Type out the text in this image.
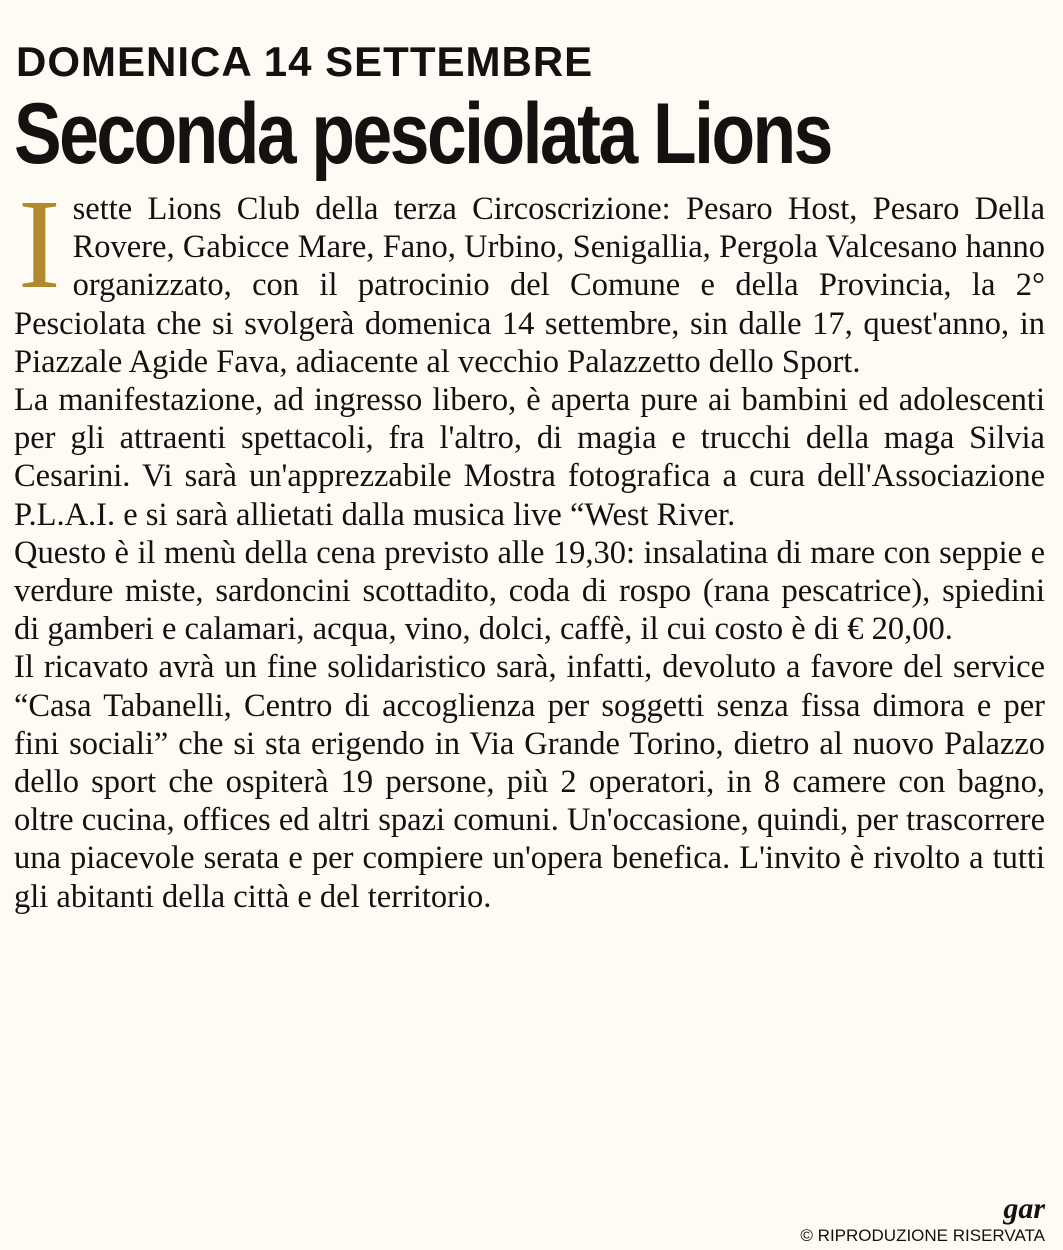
DOMENICA 14 SETTEMBRE
Seconda pesciolata Lions

Isette Lions Club della terza Circoscrizione: Pesaro Host, Pesaro Della Rovere, Gabicce Mare, Fano, Urbino, Senigallia, Pergola Valcesano hanno organizzato, con il patrocinio del Comune e della Provincia, la 2° Pesciolata che si svolgerà domenica 14 settembre, sin dalle 17, quest'anno, in Piazzale Agide Fava, adiacente al vecchio Palazzetto dello Sport.

La manifestazione, ad ingresso libero, è aperta pure ai bambini ed adolescenti per gli attraenti spettacoli, fra l'altro, di magia e trucchi della maga Silvia Cesarini. Vi sarà un'apprezzabile Mostra fotografica a cura dell'Associazione P.L.A.I. e si sarà allietati dalla musica live “West River.

Questo è il menù della cena previsto alle 19,30: insalatina di mare con seppie e verdure miste, sardoncini scottadito, coda di rospo (rana pescatrice), spiedini di gamberi e calamari, acqua, vino, dolci, caffè, il cui costo è di € 20,00.

Il ricavato avrà un fine solidaristico sarà, infatti, devoluto a favore del service “Casa Tabanelli, Centro di accoglienza per soggetti senza fissa dimora e per fini sociali” che si sta erigendo in Via Grande Torino, dietro al nuovo Palazzo dello sport che ospiterà 19 persone, più 2 operatori, in 8 camere con bagno, oltre cucina, offices ed altri spazi comuni. Un'occasione, quindi, per trascorrere una piacevole serata e per compiere un'opera benefica. L'invito è rivolto a tutti gli abitanti della città e del territorio.

gar
© RIPRODUZIONE RISERVATA
